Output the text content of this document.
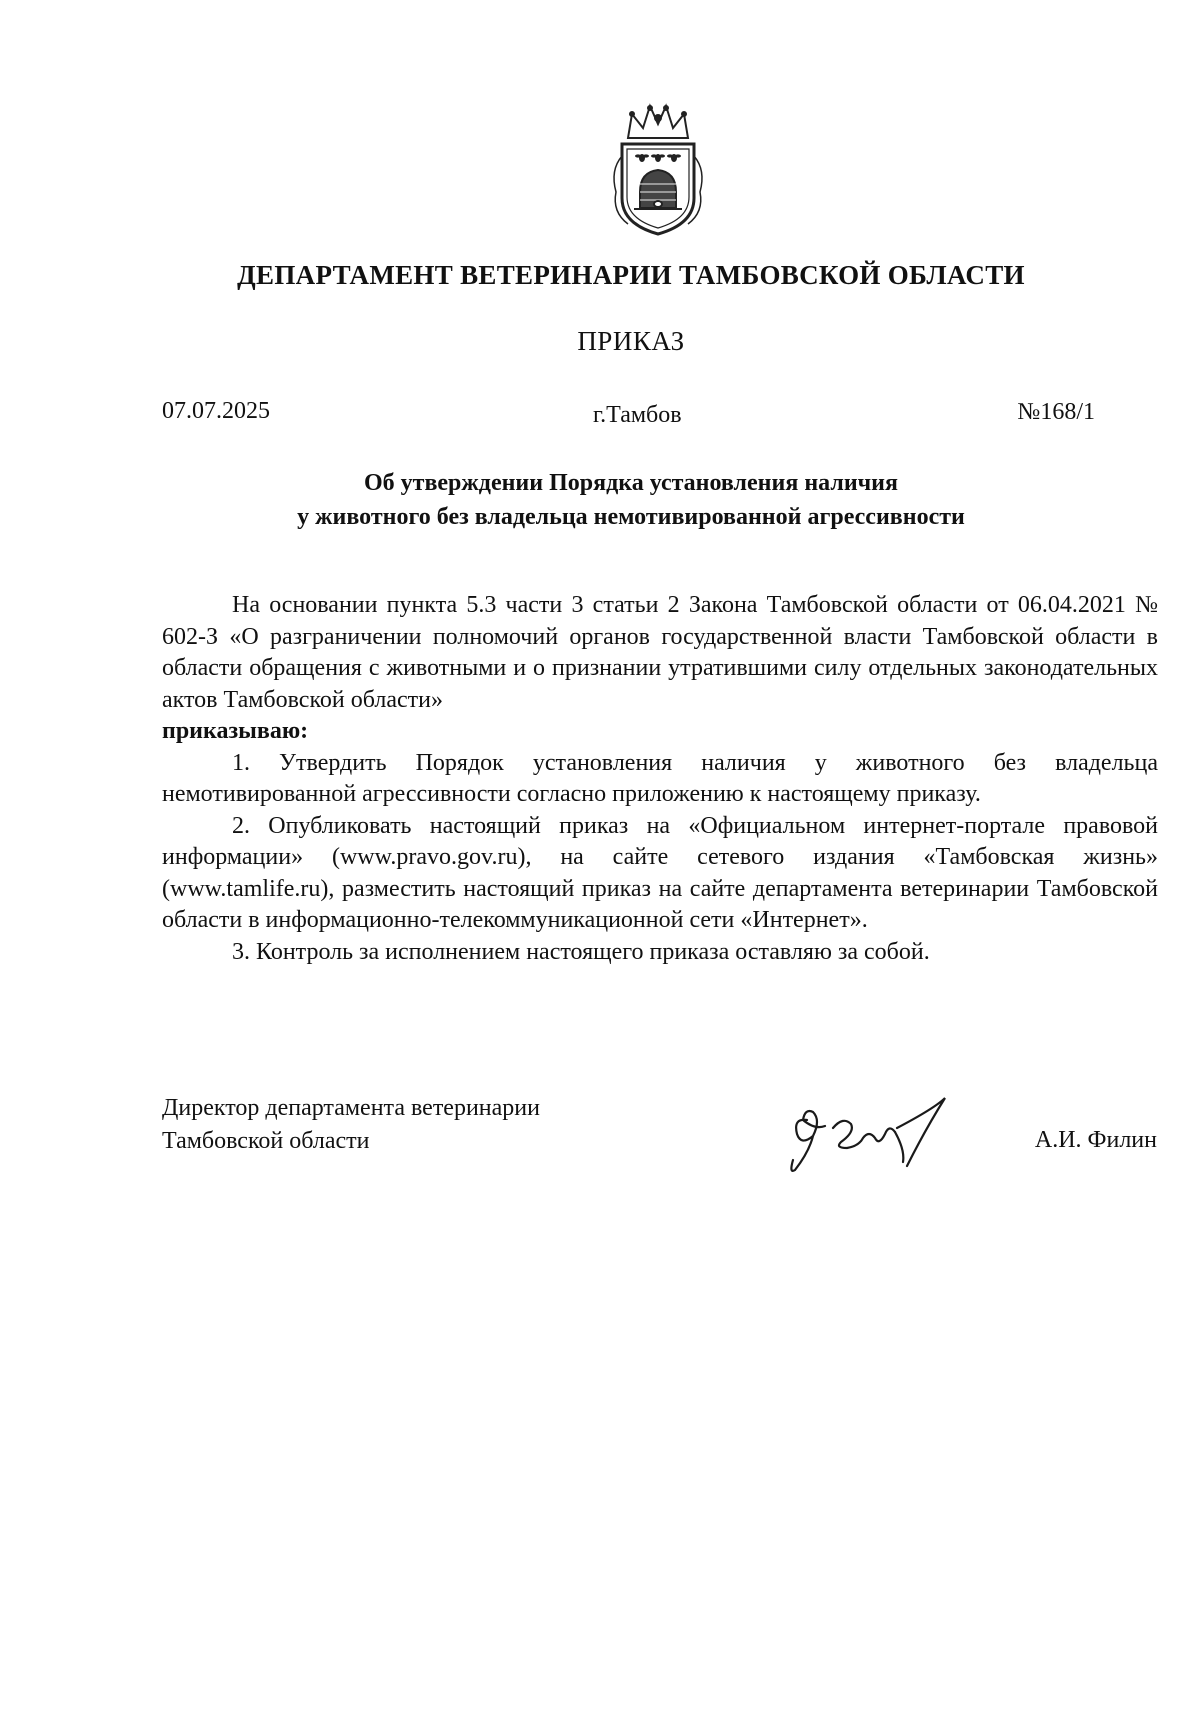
ДЕПАРТАМЕНТ ВЕТЕРИНАРИИ ТАМБОВСКОЙ ОБЛАСТИ
ПРИКАЗ
07.07.2025	г.Тамбов	№168/1
Об утверждении Порядка установления наличия
у животного без владельца немотивированной агрессивности

На основании пункта 5.3 части 3 статьи 2 Закона Тамбовской области от 06.04.2021 № 602-З «О разграничении полномочий органов государственной власти Тамбовской области в области обращения с животными и о признании утратившими силу отдельных законодательных актов Тамбовской области»

приказываю:

1. Утвердить Порядок установления наличия у животного без владельца немотивированной агрессивности согласно приложению к настоящему приказу.

2. Опубликовать настоящий приказ на «Официальном интернет-портале правовой информации» (www.pravo.gov.ru), на сайте сетевого издания «Тамбовская жизнь» (www.tamlife.ru), разместить настоящий приказ на сайте департамента ветеринарии Тамбовской области в информационно-телекоммуникационной сети «Интернет».

3. Контроль за исполнением настоящего приказа оставляю за собой.

Директор департамента ветеринарии
Тамбовской области	А.И. Филин
